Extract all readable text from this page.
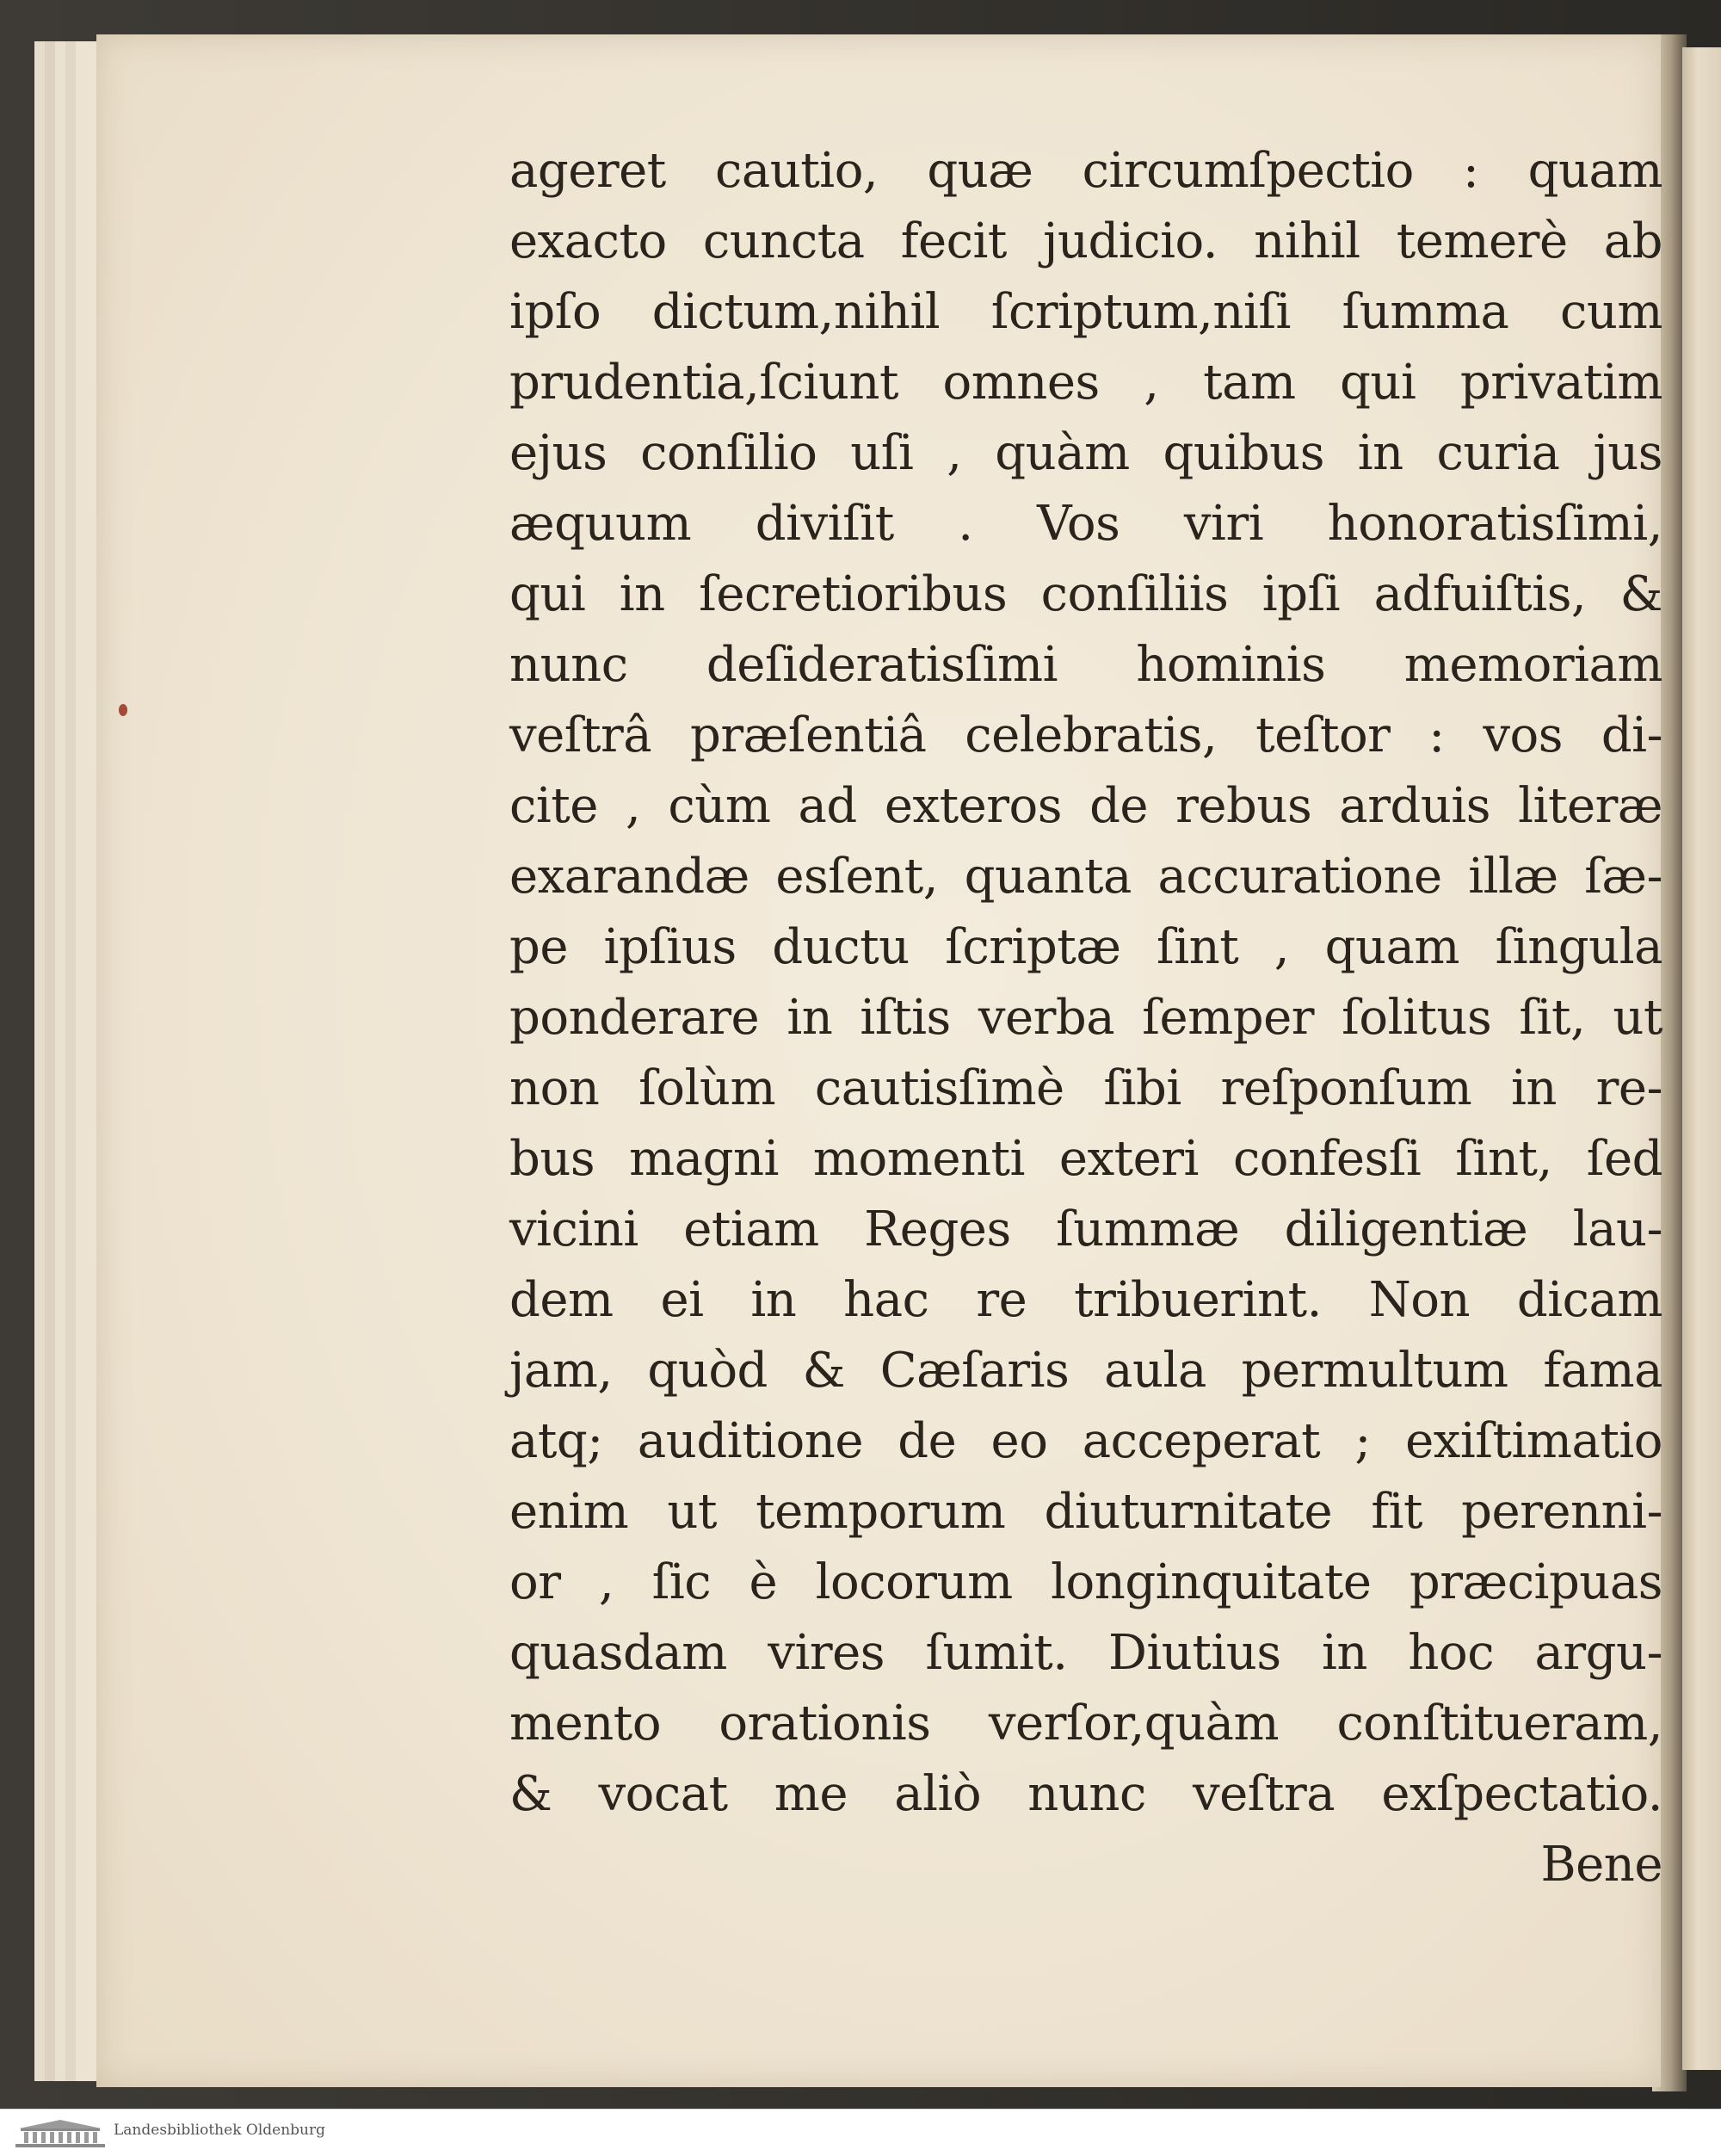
ageret cautio, quæ circumſpectio : quam
exacto cuncta fecit judicio. nihil temerè ab
ipſo dictum,nihil ſcriptum,niſi ſumma cum
prudentia,ſciunt omnes , tam qui privatim
ejus conſilio uſi , quàm quibus in curia jus
æquum diviſit . Vos viri honoratisſimi,
qui in ſecretioribus conſiliis ipſi adfuiſtis, &
nunc deſideratisſimi hominis memoriam
veſtrâ præſentiâ celebratis, teſtor : vos di-
cite , cùm ad exteros de rebus arduis literæ
exarandæ esſent, quanta accuratione illæ ſæ-
pe ipſius ductu ſcriptæ ſint , quam ſingula
ponderare in iſtis verba ſemper ſolitus ſit, ut
non ſolùm cautisſimè ſibi reſponſum in re-
bus magni momenti exteri confesſi ſint, ſed
vicini etiam Reges ſummæ diligentiæ lau-
dem ei in hac re tribuerint. Non dicam
jam, quòd & Cæſaris aula permultum fama
atq; auditione de eo acceperat ; exiſtimatio
enim ut temporum diuturnitate fit perenni-
or , ſic è locorum longinquitate præcipuas
quasdam vires ſumit. Diutius in hoc argu-
mento orationis verſor,quàm conſtitueram,
& vocat me aliò nunc veſtra exſpectatio.
Bene
Landesbibliothek Oldenburg
